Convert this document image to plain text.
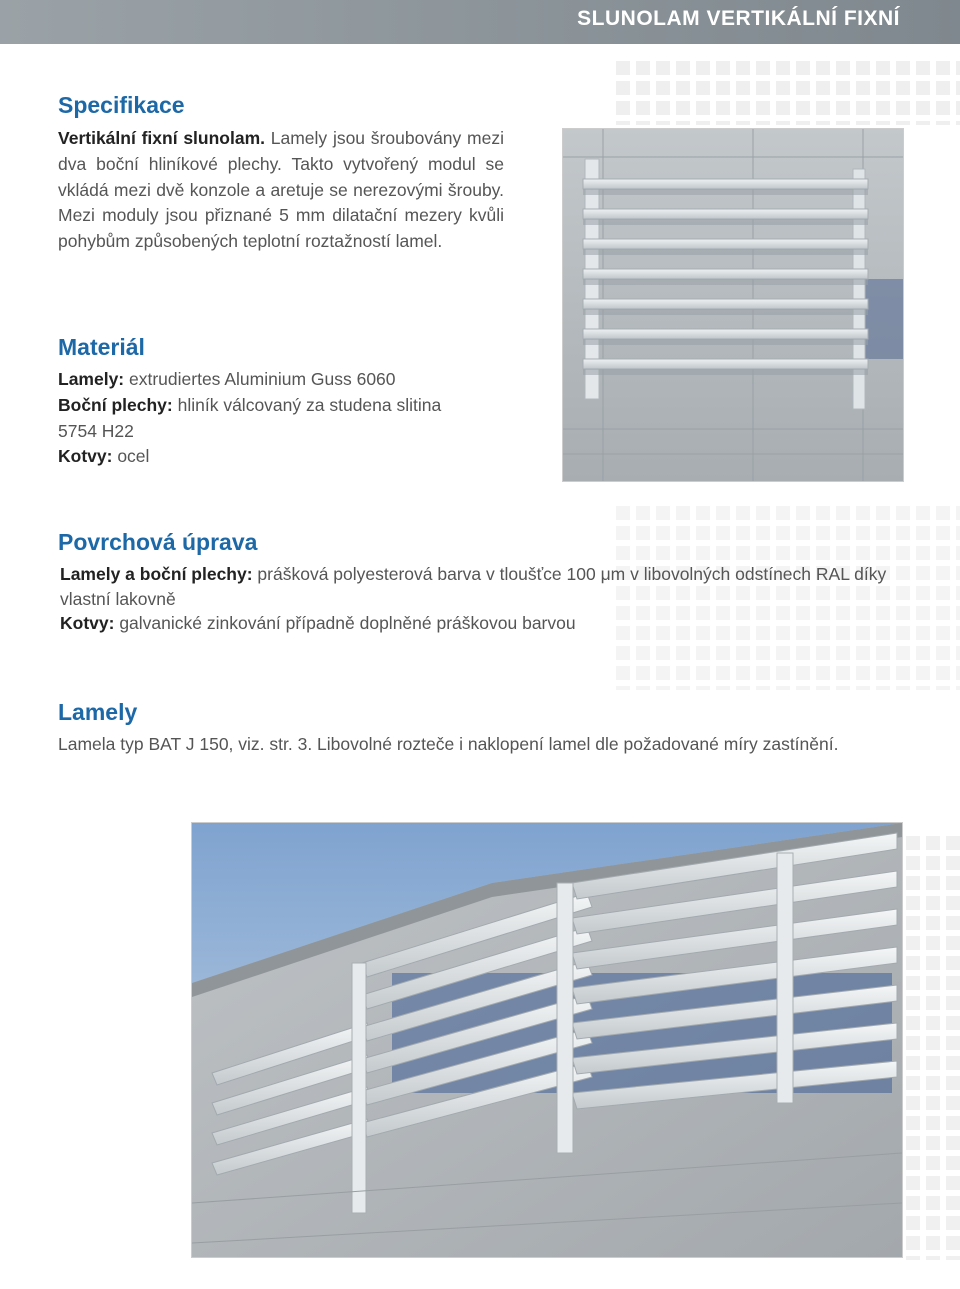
SLUNOLAM VERTIKÁLNÍ FIXNÍ
Specifikace

Vertikální fixní slunolam. Lamely jsou šroubovány mezi dva boční hliníkové plechy. Takto vytvořený modul se vkládá mezi dvě konzole a aretuje se nerezovými šrouby. Mezi moduly jsou přiznané 5 mm dilatační mezery kvůli pohybům způsobených teplotní roztažností lamel.

Materiál
Lamely: extrudiertes Aluminium Guss 6060
Boční plechy: hliník válcovaný za studena slitina
5754 H22
Kotvy: ocel
Povrchová úprava
Lamely a boční plechy: prášková polyesterová barva v tloušťce 100 μm v libovolných odstínech RAL díky vlastní lakovně
Kotvy: galvanické zinkování případně doplněné práškovou barvou
Lamely

Lamela typ BAT J 150, viz. str. 3. Libovolné rozteče i naklopení lamel dle požadované míry zastínění.
